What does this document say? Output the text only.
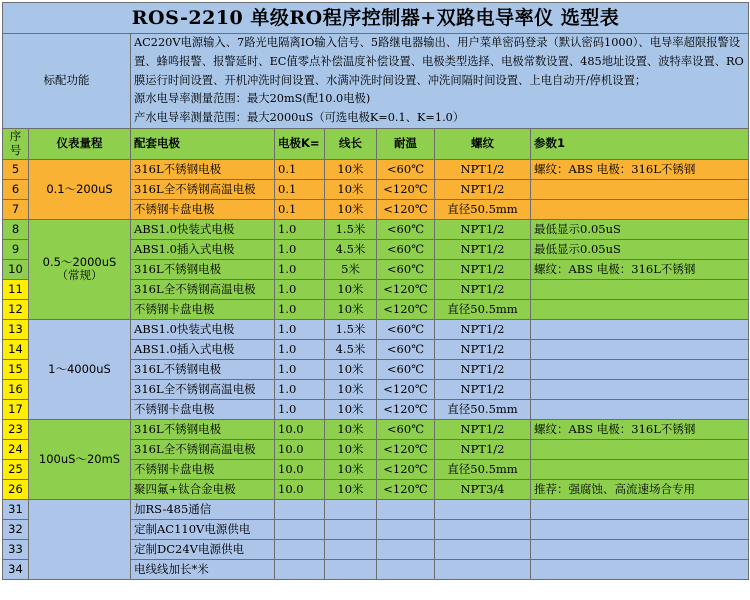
ROS-2210 单级RO程序控制器+双路电导率仪 选型表							
标配功能		AC220V电源输入、7路光电隔离IO输入信号、5路继电器输出、用户菜单密码登录（默认密码1000）、电导率超限报警设置、蜂鸣报警、报警延时、EC值零点补偿温度补偿设置、电极类型选择、电极常数设置、485地址设置、波特率设置、RO膜运行时间设置、开机冲洗时间设置、水满冲洗时间设置、冲洗间隔时间设置、上电自动开/停机设置；
源水电导率测量范围：最大20mS(配10.0电极)
产水电导率测量范围：最大2000uS（可选电极K=0.1、K=1.0）					

序号	仪表量程	配套电极	电极K=	线长	耐温	螺纹	参数1
5	0.1～200uS	316L不锈钢电极	0.1	10米	<60℃	NPT1/2	螺纹：ABS 电极：316L不锈钢
6		316L全不锈钢高温电极	0.1	10米	<120℃	NPT1/2	
7		不锈钢卡盘电极	0.1	10米	<120℃	直径50.5mm	
8	0.5～2000uS（常规）	ABS1.0快装式电极	1.0	1.5米	<60℃	NPT1/2	最低显示0.05uS
9		ABS1.0插入式电极	1.0	4.5米	<60℃	NPT1/2	最低显示0.05uS
10		316L不锈钢电极	1.0	5米	<60℃	NPT1/2	螺纹：ABS 电极：316L不锈钢
11		316L全不锈钢高温电极	1.0	10米	<120℃	NPT1/2	
12		不锈钢卡盘电极	1.0	10米	<120℃	直径50.5mm	
13	1～4000uS	ABS1.0快装式电极	1.0	1.5米	<60℃	NPT1/2	
14		ABS1.0插入式电极	1.0	4.5米	<60℃	NPT1/2	
15		316L不锈钢电极	1.0	10米	<60℃	NPT1/2	
16		316L全不锈钢高温电极	1.0	10米	<120℃	NPT1/2	
17		不锈钢卡盘电极	1.0	10米	<120℃	直径50.5mm	
23	100uS～20mS	316L不锈钢电极	10.0	10米	<60℃	NPT1/2	螺纹：ABS 电极：316L不锈钢
24		316L全不锈钢高温电极	10.0	10米	<120℃	NPT1/2	
25		不锈钢卡盘电极	10.0	10米	<120℃	直径50.5mm	
26		聚四氟+钛合金电极	10.0	10米	<120℃	NPT3/4	推荐：强腐蚀、高流速场合专用
31		加RS-485通信					
32		定制AC110V电源供电					
33		定制DC24V电源供电					
34		电线线加长*米					
